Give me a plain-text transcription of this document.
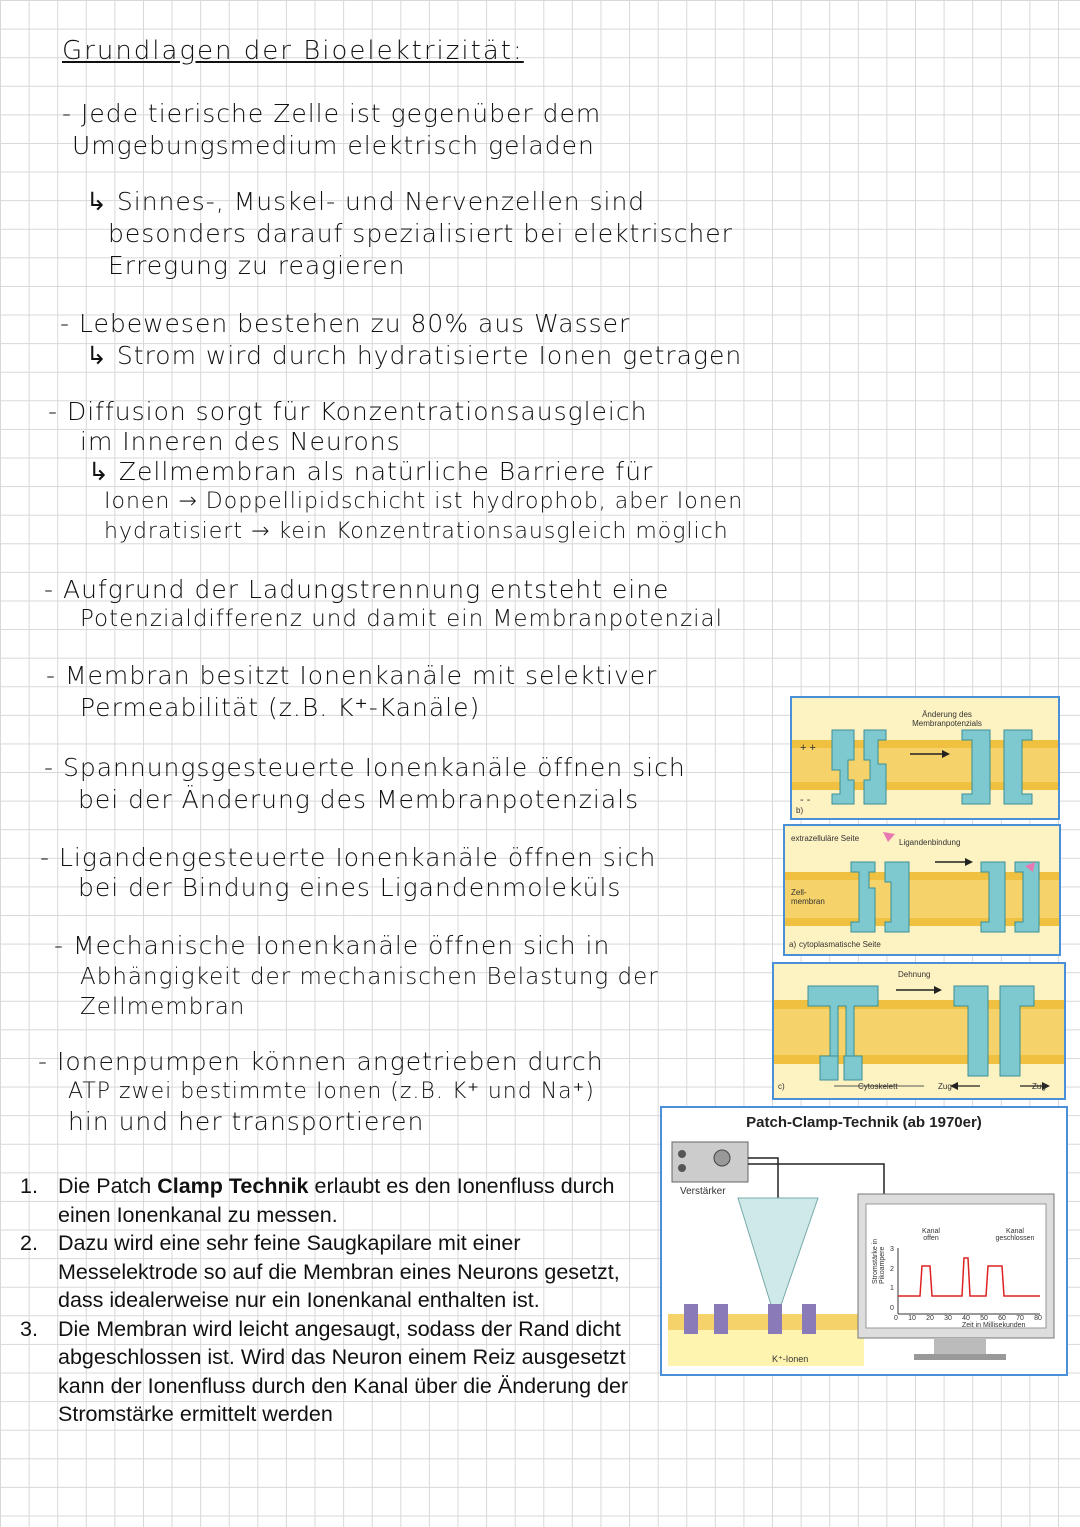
Grundlagen der Bioelektrizität:
- Jede tierische Zelle ist gegenüber dem
Umgebungsmedium elektrisch geladen
↳ Sinnes-, Muskel- und Nervenzellen sind
besonders darauf spezialisiert bei elektrischer
Erregung zu reagieren
- Lebewesen bestehen zu 80% aus Wasser
↳ Strom wird durch hydratisierte Ionen getragen
- Diffusion sorgt für Konzentrationsausgleich
im Inneren des Neurons
↳ Zellmembran als natürliche Barriere für
Ionen → Doppellipidschicht ist hydrophob, aber Ionen
hydratisiert → kein Konzentrationsausgleich möglich
- Aufgrund der Ladungstrennung entsteht eine
Potenzialdifferenz und damit ein Membranpotenzial
- Membran besitzt Ionenkanäle mit selektiver
Permeabilität (z.B. K⁺-Kanäle)
- Spannungsgesteuerte Ionenkanäle öffnen sich
bei der Änderung des Membranpotenzials
- Ligandengesteuerte Ionenkanäle öffnen sich
bei der Bindung eines Ligandenmoleküls
- Mechanische Ionenkanäle öffnen sich in
Abhängigkeit der mechanischen Belastung der
Zellmembran
- Ionenpumpen können angetrieben durch
ATP zwei bestimmte Ionen (z.B. K⁺ und Na⁺)
hin und her transportieren
1. Die Patch Clamp Technik erlaubt es den Ionenfluss durch einen Ionenkanal zu messen.
2. Dazu wird eine sehr feine Saugkapilare mit einer Messelektrode so auf die Membran eines Neurons gesetzt, dass idealerweise nur ein Ionenkanal enthalten ist.
3. Die Membran wird leicht angesaugt, sodass der Rand dicht abgeschlossen ist. Wird das Neuron einem Reiz ausgesetzt kann der Ionenfluss durch den Kanal über die Änderung der Stromstärke ermittelt werden
Änderung des Membranpotenzials
+ +
- -
b)
extrazelluläre Seite	Ligandenbindung
Zell-membran
cytoplasmatische Seite
a)
Dehnung
Cytoskelett	Zug	Zug
c)
Patch-Clamp-Technik (ab 1970er)
Verstärker
K⁺-Ionen
Stromstärke in Pikoampere
Kanal offen
Kanal geschlossen
Zeit in Millisekunden
0 10 20 30 40 50 60 70 80
3
2
1
0
